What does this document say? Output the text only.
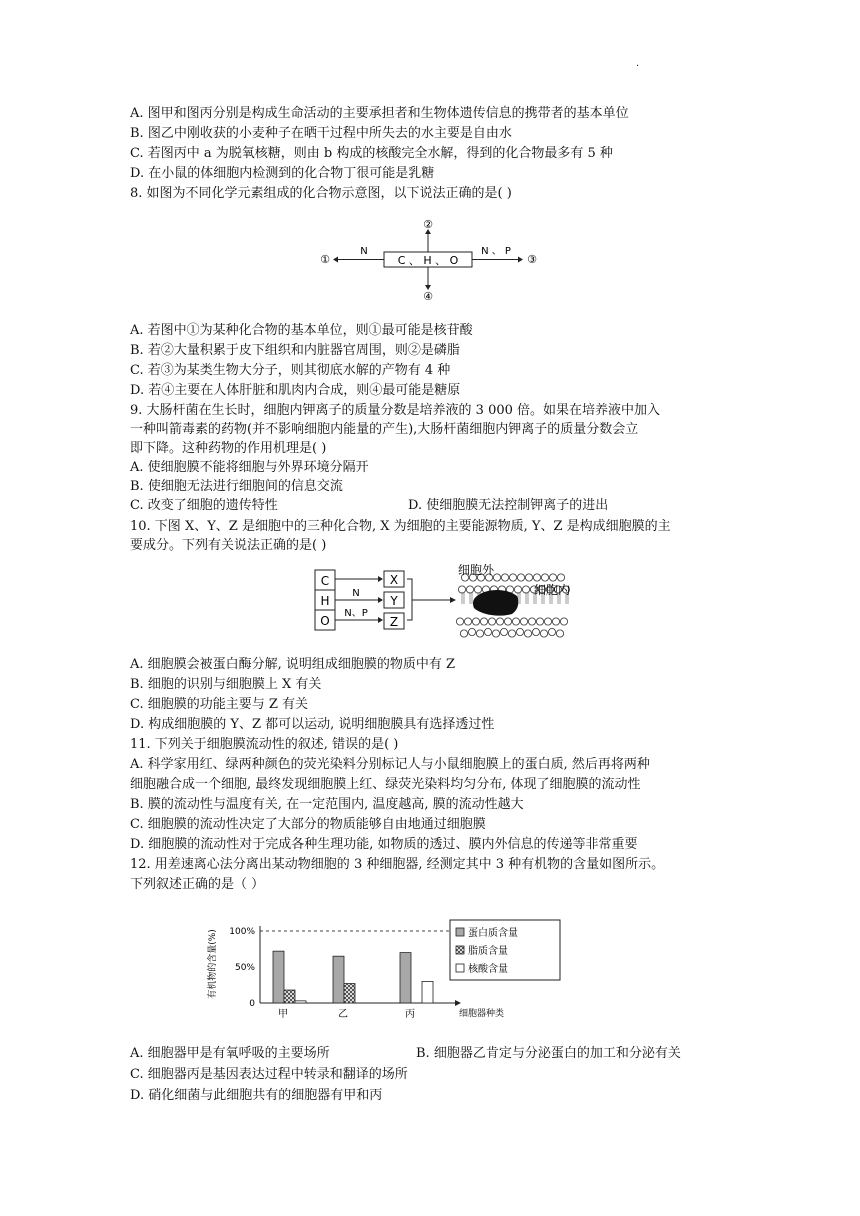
.
A. 图甲和图丙分别是构成生命活动的主要承担者和生物体遗传信息的携带者的基本单位
B. 图乙中刚收获的小麦种子在晒干过程中所失去的水主要是自由水
C. 若图丙中 a 为脱氧核糖，则由 b 构成的核酸完全水解，得到的化合物最多有 5 种
D. 在小鼠的体细胞内检测到的化合物丁很可能是乳糖
8. 如图为不同化学元素组成的化合物示意图，以下说法正确的是( )
C 、 H 、 O
②
④
①
N
③
N 、 P
A. 若图中①为某种化合物的基本单位，则①最可能是核苷酸
B. 若②大量积累于皮下组织和内脏器官周围，则②是磷脂
C. 若③为某类生物大分子，则其彻底水解的产物有 4 种
D. 若④主要在人体肝脏和肌肉内合成，则④最可能是糖原
9. 大肠杆菌在生长时，细胞内钾离子的质量分数是培养液的 3 000 倍。如果在培养液中加入
一种叫箭毒素的药物(并不影响细胞内能量的产生),大肠杆菌细胞内钾离子的质量分数会立
即下降。这种药物的作用机理是( )
A. 使细胞膜不能将细胞与外界环境分隔开
B. 使细胞无法进行细胞间的信息交流
C. 改变了细胞的遗传特性	D. 使细胞膜无法控制钾离子的进出
10. 下图 X、Y、Z 是细胞中的三种化合物, X 为细胞的主要能源物质, Y、Z 是构成细胞膜的主
要成分。下列有关说法正确的是( )
C
H
O
N
N、P
X
Y
Z
细胞外
细胞内
A. 细胞膜会被蛋白酶分解, 说明组成细胞膜的物质中有 Z
B. 细胞的识别与细胞膜上 X 有关
C. 细胞膜的功能主要与 Z 有关
D. 构成细胞膜的 Y、Z 都可以运动, 说明细胞膜具有选择透过性
11. 下列关于细胞膜流动性的叙述, 错误的是( )
A. 科学家用红、绿两种颜色的荧光染料分别标记人与小鼠细胞膜上的蛋白质, 然后再将两种
细胞融合成一个细胞, 最终发现细胞膜上红、绿荧光染料均匀分布, 体现了细胞膜的流动性
B. 膜的流动性与温度有关, 在一定范围内, 温度越高, 膜的流动性越大
C. 细胞膜的流动性决定了大部分的物质能够自由地通过细胞膜
D. 细胞膜的流动性对于完成各种生理功能, 如物质的透过、膜内外信息的传递等非常重要
12. 用差速离心法分离出某动物细胞的 3 种细胞器, 经测定其中 3 种有机物的含量如图所示。
下列叙述正确的是（ ）
有机物的含量(%) 100%
50%
0
甲	乙	丙	细胞器种类
蛋白质含量
脂质含量
核酸含量
A. 细胞器甲是有氧呼吸的主要场所	B. 细胞器乙肯定与分泌蛋白的加工和分泌有关
C. 细胞器丙是基因表达过程中转录和翻译的场所
D. 硝化细菌与此细胞共有的细胞器有甲和丙
